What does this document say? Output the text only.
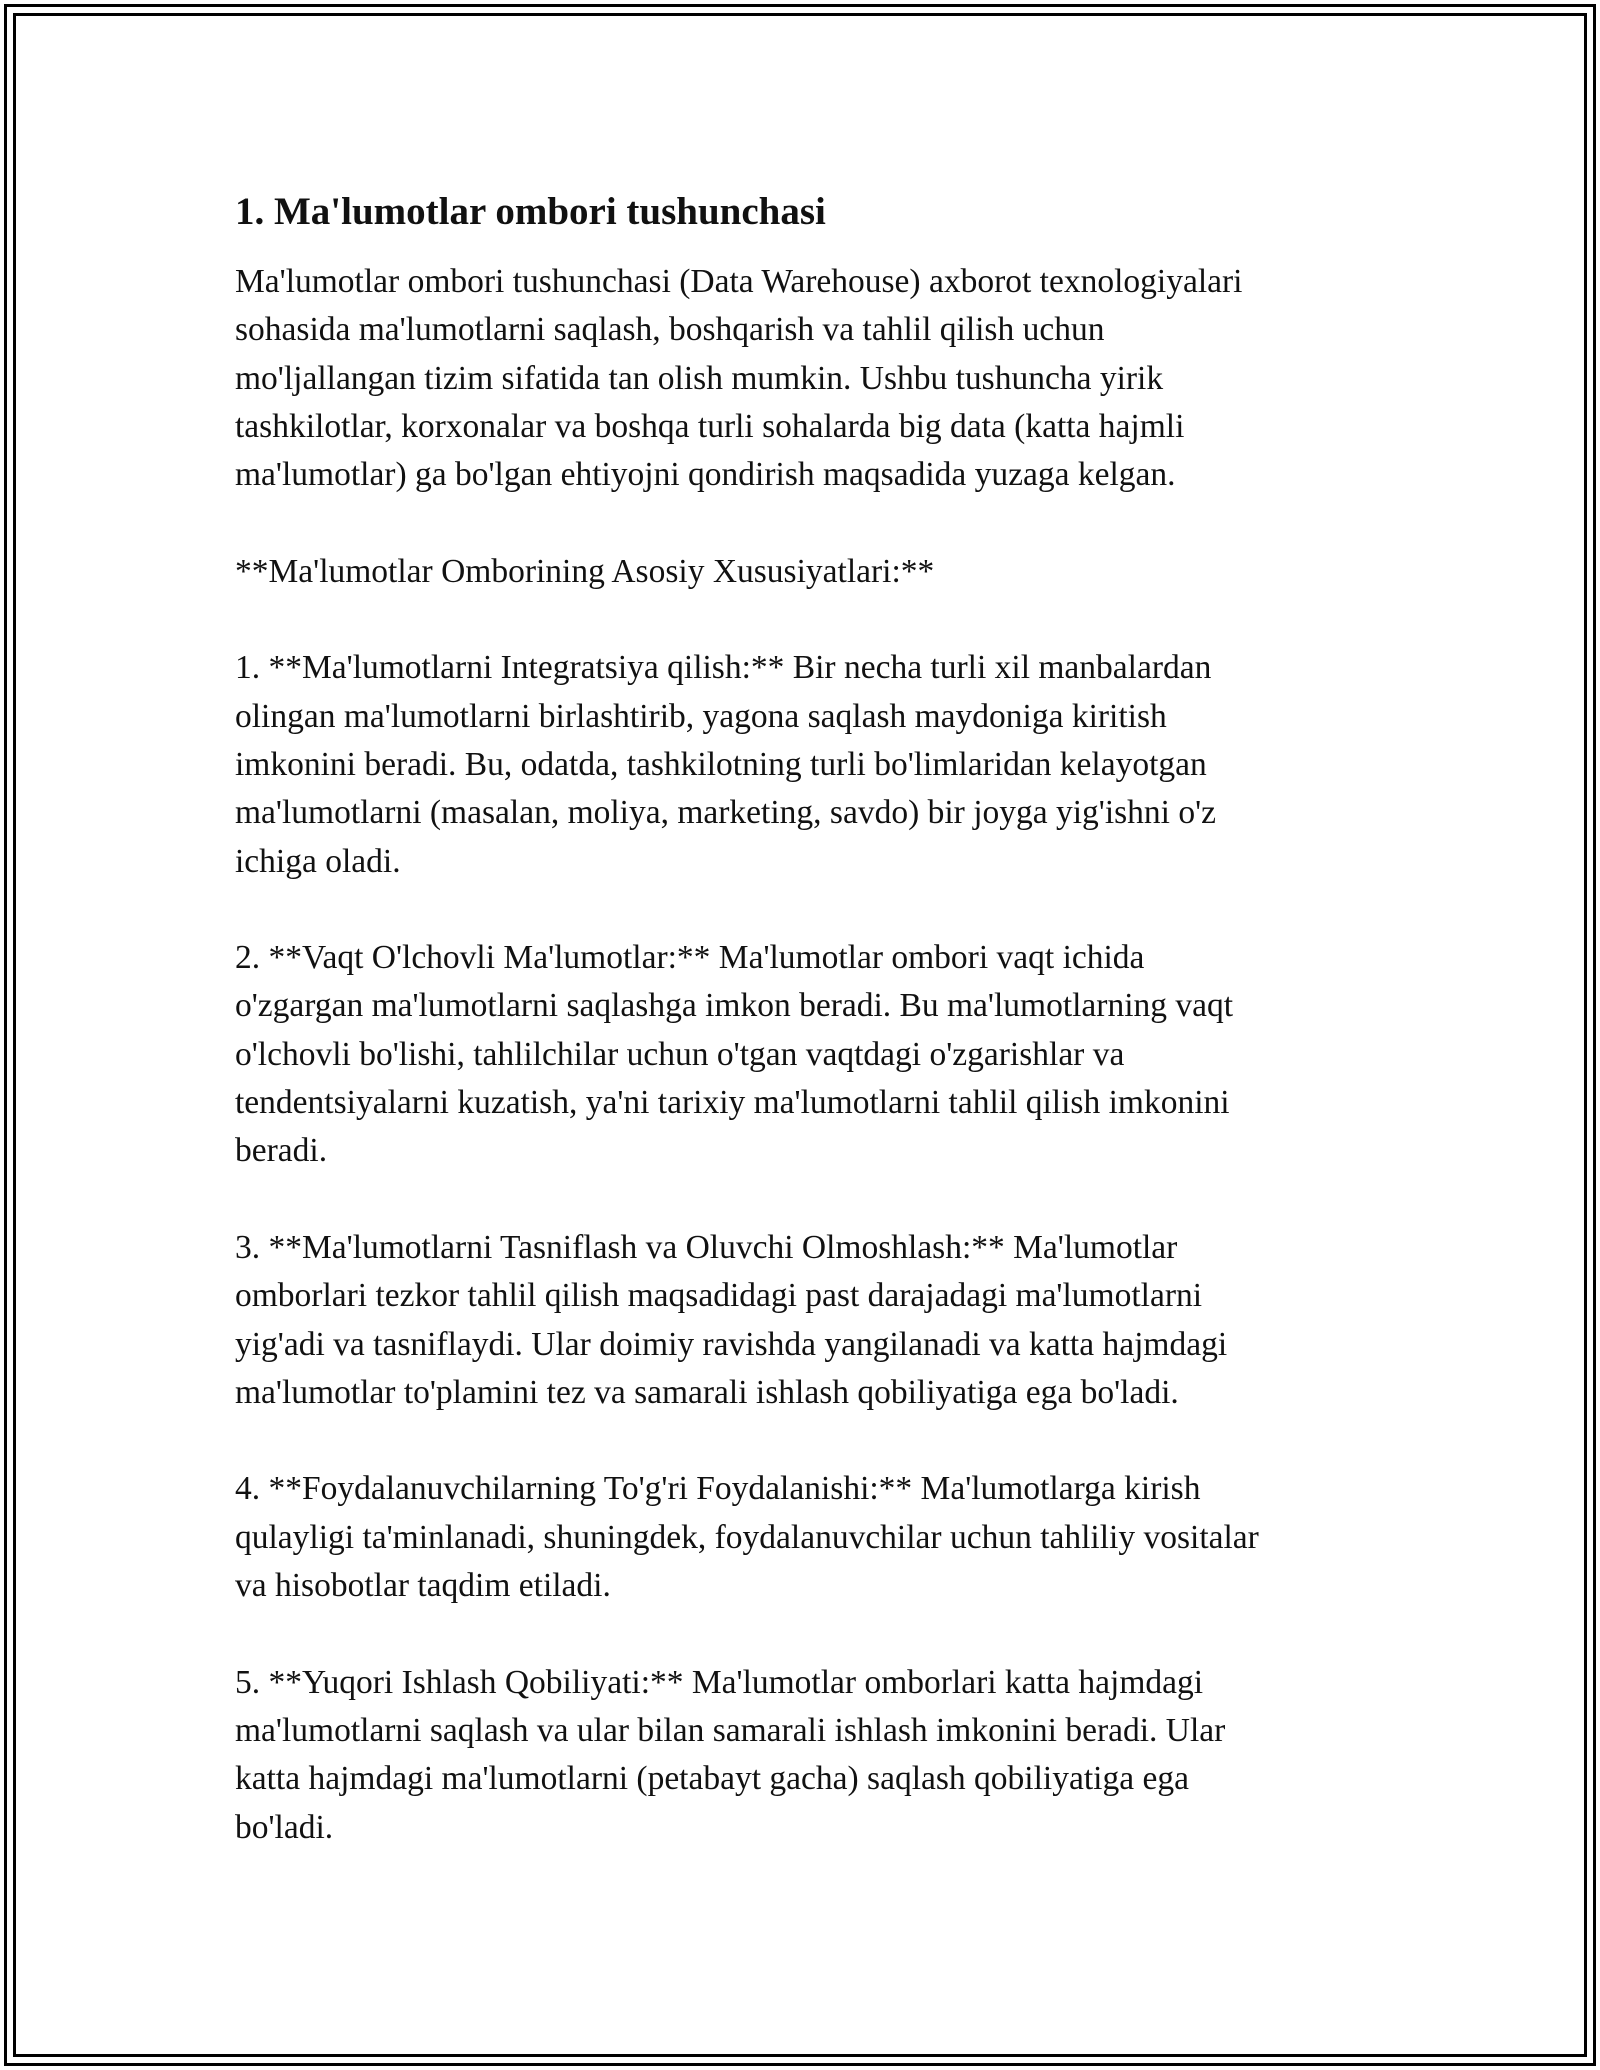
1. Ma'lumotlar ombori tushunchasi

Ma'lumotlar ombori tushunchasi (Data Warehouse) axborot texnologiyalari
sohasida ma'lumotlarni saqlash, boshqarish va tahlil qilish uchun
mo'ljallangan tizim sifatida tan olish mumkin. Ushbu tushuncha yirik
tashkilotlar, korxonalar va boshqa turli sohalarda big data (katta hajmli
ma'lumotlar) ga bo'lgan ehtiyojni qondirish maqsadida yuzaga kelgan.

**Ma'lumotlar Omborining Asosiy Xususiyatlari:**

1. **Ma'lumotlarni Integratsiya qilish:** Bir necha turli xil manbalardan
olingan ma'lumotlarni birlashtirib, yagona saqlash maydoniga kiritish
imkonini beradi. Bu, odatda, tashkilotning turli bo'limlaridan kelayotgan
ma'lumotlarni (masalan, moliya, marketing, savdo) bir joyga yig'ishni o'z
ichiga oladi.

2. **Vaqt O'lchovli Ma'lumotlar:** Ma'lumotlar ombori vaqt ichida
o'zgargan ma'lumotlarni saqlashga imkon beradi. Bu ma'lumotlarning vaqt
o'lchovli bo'lishi, tahlilchilar uchun o'tgan vaqtdagi o'zgarishlar va
tendentsiyalarni kuzatish, ya'ni tarixiy ma'lumotlarni tahlil qilish imkonini
beradi.

3. **Ma'lumotlarni Tasniflash va Oluvchi Olmoshlash:** Ma'lumotlar
omborlari tezkor tahlil qilish maqsadidagi past darajadagi ma'lumotlarni
yig'adi va tasniflaydi. Ular doimiy ravishda yangilanadi va katta hajmdagi
ma'lumotlar to'plamini tez va samarali ishlash qobiliyatiga ega bo'ladi.

4. **Foydalanuvchilarning To'g'ri Foydalanishi:** Ma'lumotlarga kirish
qulayligi ta'minlanadi, shuningdek, foydalanuvchilar uchun tahliliy vositalar
va hisobotlar taqdim etiladi.

5. **Yuqori Ishlash Qobiliyati:** Ma'lumotlar omborlari katta hajmdagi
ma'lumotlarni saqlash va ular bilan samarali ishlash imkonini beradi. Ular
katta hajmdagi ma'lumotlarni (petabayt gacha) saqlash qobiliyatiga ega
bo'ladi.
